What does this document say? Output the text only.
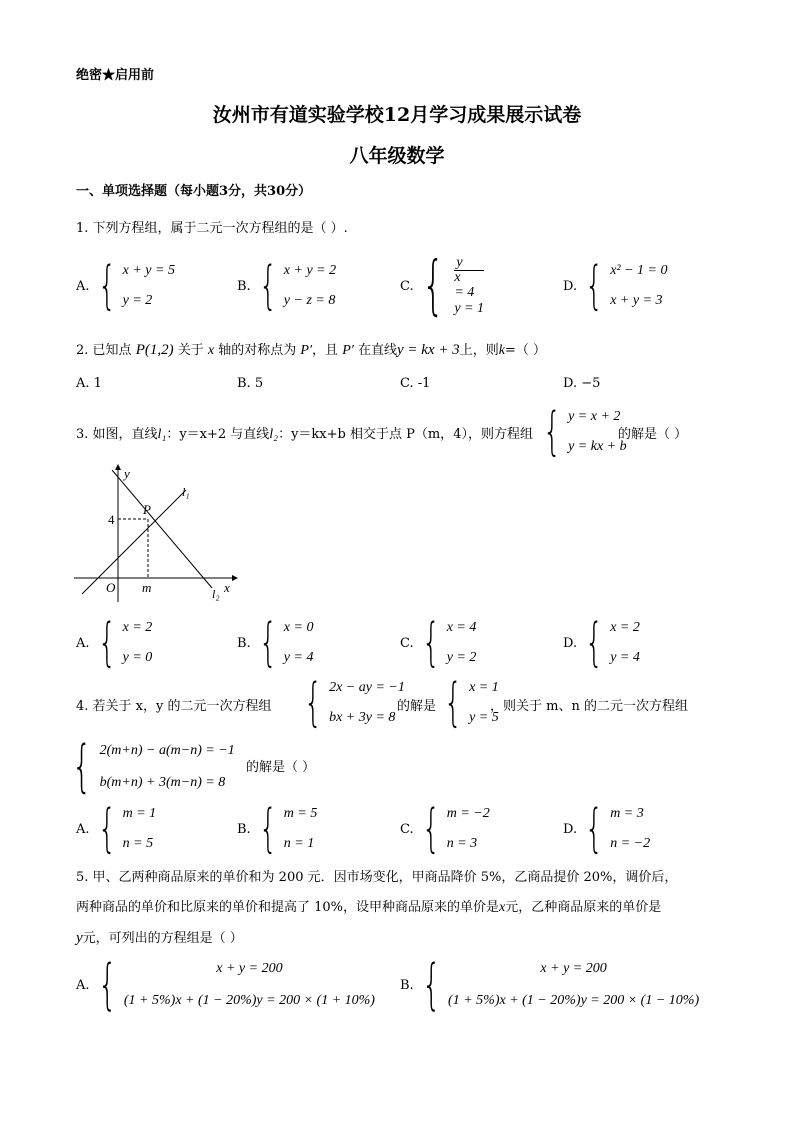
绝密★启用前
汝州市有道实验学校12月学习成果展示试卷
八年级数学
一、单项选择题（每小题3分，共30分）
1. 下列方程组，属于二元一次方程组的是（ ）.
A. { x + y = 5
y = 2
B. { x + y = 2
y − z = 8
C. { y
x
= 4
y = 1
D. { x² − 1 = 0
x + y = 3
2. 已知点 P(1,2) 关于 x 轴的对称点为 P′，且 P′ 在直线y = kx + 3上，则k=（ ）
A. 1	B. 5	C. -1	D. −5
3. 如图，直线l₁：y＝x+2 与直线l₂：y＝kx+b 相交于点 P（m，4），则方程组 { y = x + 2
y = kx + b
的解是（ ）
y
x
O m
4
P
l₁
l₂
A. { x = 2
y = 0
B. { x = 0
y = 4
C. { x = 4
y = 2
D. { x = 2
y = 4
4. 若关于 x，y 的二元一次方程组 { 2x − ay = −1
bx + 3y = 8
的解是 { x = 1
y = 5
，则关于 m、n 的二元一次方程组
{ 2(m+n) − a(m−n) = −1
b(m+n) + 3(m−n) = 8
的解是（ ）
A. { m = 1
n = 5
B. { m = 5
n = 1
C. { m = −2
n = 3
D. { m = 3
n = −2
5. 甲、乙两种商品原来的单价和为 200 元．因市场变化，甲商品降价 5%，乙商品提价 20%，调价后，
两种商品的单价和比原来的单价和提高了 10%，设甲种商品原来的单价是x元，乙种商品原来的单价是
y元，可列出的方程组是（ ）
A. {	x + y = 200
(1 + 5%)x + (1 − 20%)y = 200 × (1 + 10%)
B. {	x + y = 200
(1 + 5%)x + (1 − 20%)y = 200 × (1 − 10%)
